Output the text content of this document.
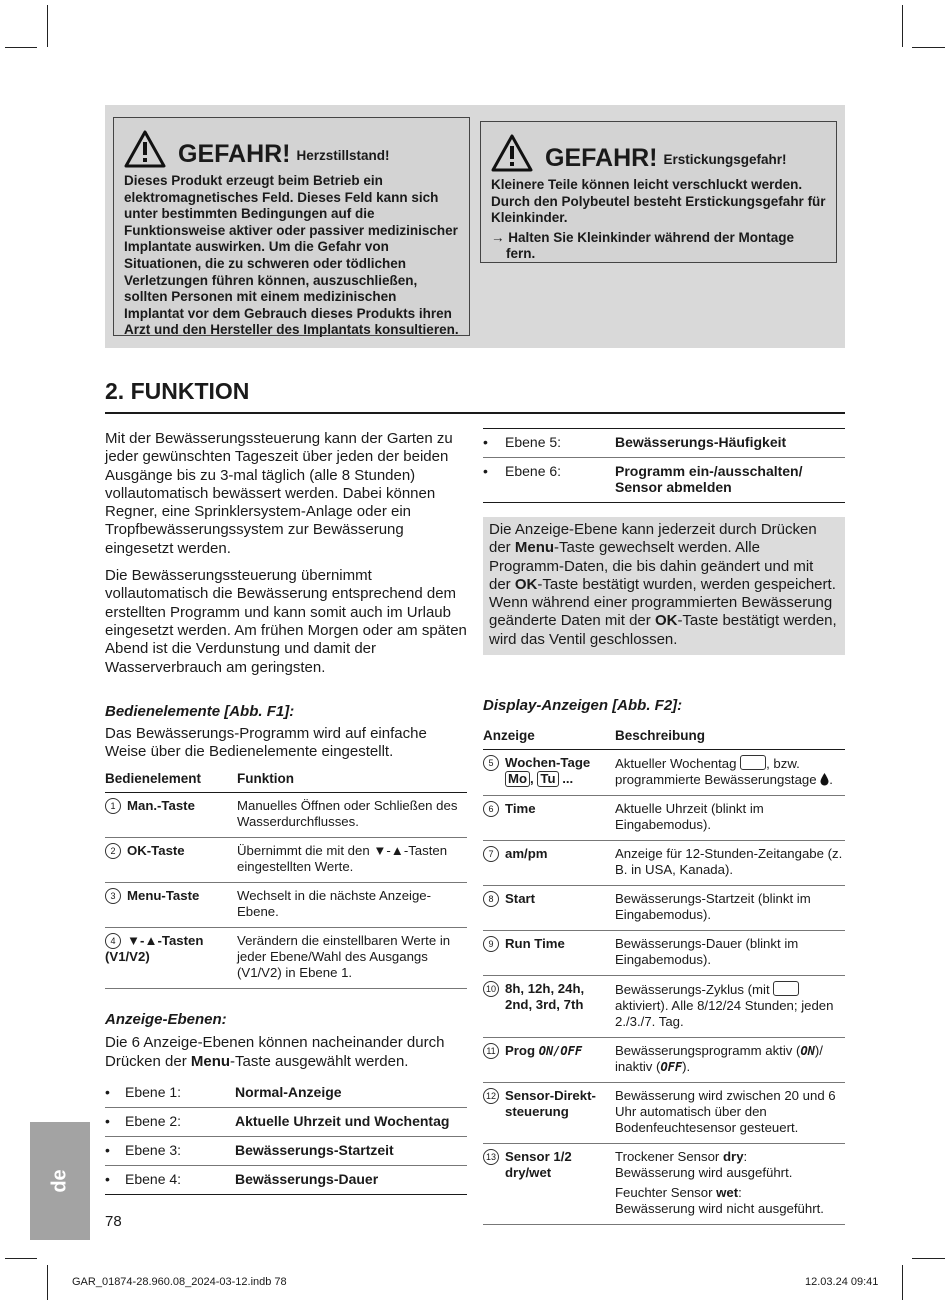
GEFAHR! Herzstillstand!

Dieses Produkt erzeugt beim Betrieb ein elektromagnetisches Feld. Dieses Feld kann sich unter bestimmten Bedingungen auf die Funktionsweise aktiver oder passiver medizinischer Implantate auswirken. Um die Gefahr von Situationen, die zu schweren oder tödlichen Verletzungen führen können, auszuschließen, sollten Personen mit einem medizinischen Implantat vor dem Gebrauch dieses Produkts ihren Arzt und den Hersteller des Implantats konsultieren.

GEFAHR! Erstickungsgefahr!

Kleinere Teile können leicht verschluckt werden. Durch den Polybeutel besteht Erstickungsgefahr für Kleinkinder.

→ Halten Sie Kleinkinder während der Montage fern.

2. FUNKTION

Mit der Bewässerungssteuerung kann der Garten zu jeder gewünschten Tageszeit über jeden der beiden Ausgänge bis zu 3-mal täglich (alle 8 Stunden) vollautomatisch bewässert werden. Dabei können Regner, eine Sprinklersystem-Anlage oder ein Tropfbewässerungssystem zur Bewässerung eingesetzt werden.

Die Bewässerungssteuerung übernimmt vollautomatisch die Bewässerung entsprechend dem erstellten Programm und kann somit auch im Urlaub eingesetzt werden. Am frühen Morgen oder am späten Abend ist die Verdunstung und damit der Wasserverbrauch am geringsten.

Bedienelemente [Abb. F1]:

Das Bewässerungs-Programm wird auf einfache Weise über die Bedienelemente eingestellt.

Bedienelement	Funktion
1 Man.-Taste	Manuelles Öffnen oder Schließen des Wasserdurchflusses.
2 OK-Taste	Übernimmt die mit den ▼-▲-Tasten eingestellten Werte.
3 Menu-Taste	Wechselt in die nächste Anzeige-Ebene.
4 ▼-▲-Tasten (V1/V2)	Verändern die einstellbaren Werte in jeder Ebene/Wahl des Ausgangs (V1/V2) in Ebene 1.
Anzeige-Ebenen:

Die 6 Anzeige-Ebenen können nacheinander durch Drücken der Menu-Taste ausgewählt werden.

•	Ebene 1:	Normal-Anzeige
•	Ebene 2:	Aktuelle Uhrzeit und Wochentag
•	Ebene 3:	Bewässerungs-Startzeit
•	Ebene 4:	Bewässerungs-Dauer
•	Ebene 5:	Bewässerungs-Häufigkeit
•	Ebene 6:	Programm ein-/ausschalten/ Sensor abmelden
Die Anzeige-Ebene kann jederzeit durch Drücken der Menu-Taste gewechselt werden. Alle Programm-Daten, die bis dahin geändert und mit der OK-Taste bestätigt wurden, werden gespeichert. Wenn während einer programmierten Bewässerung geänderte Daten mit der OK-Taste bestätigt werden, wird das Ventil geschlossen.
Display-Anzeigen [Abb. F2]:
Anzeige	Beschreibung
5 Wochen-Tage
Mo , Tu ...	Aktueller Wochentag , bzw. programmierte Bewässerungstage .
6 Time	Aktuelle Uhrzeit (blinkt im Eingabemodus).
7 am/pm	Anzeige für 12-Stunden-Zeitangabe (z. B. in USA, Kanada).
8 Start	Bewässerungs-Startzeit (blinkt im Eingabemodus).
9 Run Time	Bewässerungs-Dauer (blinkt im Eingabemodus).
10 8h, 12h, 24h, 2nd, 3rd, 7th	Bewässerungs-Zyklus (mit  aktiviert). Alle 8/12/24 Stunden; jeden 2./3./7. Tag.
11 Prog ON/OFF	Bewässerungsprogramm aktiv (ON)/ inaktiv (OFF).
12 Sensor-Direkt-steuerung	Bewässerung wird zwischen 20 und 6 Uhr automatisch über den Bodenfeuchtesensor gesteuert.
13 Sensor 1/2 dry/wet	Trockener Sensor dry:
Bewässerung wird ausgeführt.
Feuchter Sensor wet:
Bewässerung wird nicht ausgeführt.
de
78
GAR_01874-28.960.08_2024-03-12.indb 78	12.03.24 09:41
